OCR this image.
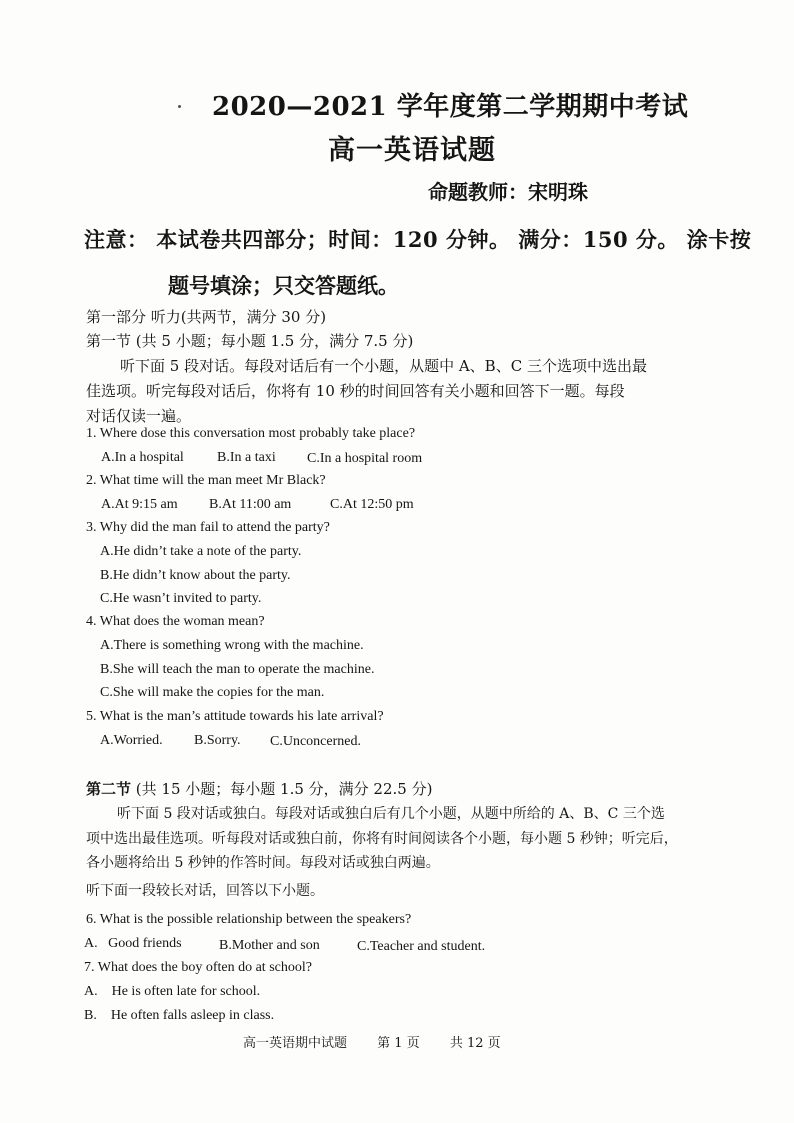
2020—2021 学年度第二学期期中考试
高一英语试题
命题教师：宋明珠
注意： 本试卷共四部分；时间：120 分钟。 满分：150 分。 涂卡按
题号填涂；只交答题纸。
第一部分 听力(共两节，满分 30 分)
第一节 (共 5 小题；每小题 1.5 分，满分 7.5 分)
听下面 5 段对话。每段对话后有一个小题，从题中 A、B、C 三个选项中选出最
佳选项。听完每段对话后，你将有 10 秒的时间回答有关小题和回答下一题。每段
对话仅读一遍。
1. Where dose this conversation most probably take place?
A.In a hospital B.In a taxi C.In a hospital room
2. What time will the man meet Mr Black?
A.At 9:15 am B.At 11:00 am	C.At 12:50 pm
3. Why did the man fail to attend the party?
A.He didn’t take a note of the party.
B.He didn’t know about the party.
C.He wasn’t invited to party.
4. What does the woman mean?
A.There is something wrong with the machine.
B.She will teach the man to operate the machine.
C.She will make the copies for the man.
5. What is the man’s attitude towards his late arrival?
A.Worried. B.Sorry. C.Unconcerned.
第二节 (共 15 小题；每小题 1.5 分，满分 22.5 分)
听下面 5 段对话或独白。每段对话或独白后有几个小题，从题中所给的 A、B、C 三个选
项中选出最佳选项。听每段对话或独白前，你将有时间阅读各个小题，每小题 5 秒钟；听完后，
各小题将给出 5 秒钟的作答时间。每段对话或独白两遍。
听下面一段较长对话，回答以下小题。
6. What is the possible relationship between the speakers?
A.   Good friends	B.Mother and son	C.Teacher and student.
7. What does the boy often do at school?
A.    He is often late for school.
B.    He often falls asleep in class.
高一英语期中试题 第 1 页 共 12 页
